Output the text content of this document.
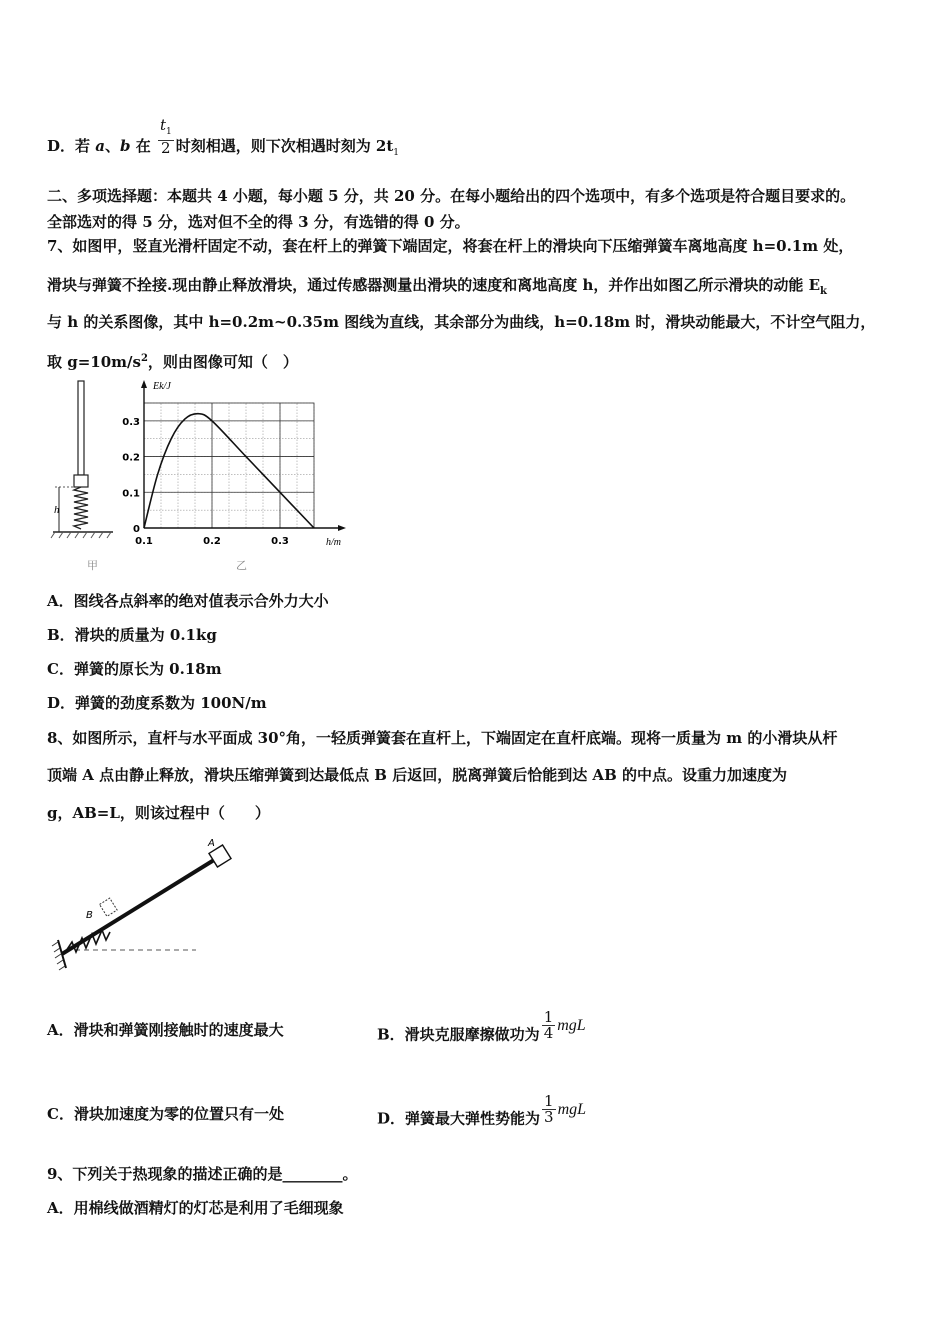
D．若 a、b 在 $\frac{t_1}{2}$ 时刻相遇，则下次相遇时刻为 $2t_1$
二、多项选择题：本题共 4 小题，每小题 5 分，共 20 分。在每小题给出的四个选项中，有多个选项是符合题目要求的。
全部选对的得 5 分，选对但不全的得 3 分，有选错的得 0 分。
7、如图甲，竖直光滑杆固定不动，套在杆上的弹簧下端固定，将套在杆上的滑块向下压缩弹簧车离地高度 h=0.1m 处，
滑块与弹簧不拴接.现由静止释放滑块，通过传感器测量出滑块的速度和离地高度 h，并作出如图乙所示滑块的动能 $E_k$
与 h 的关系图像，其中 h=0.2m~0.35m 图线为直线，其余部分为曲线，h=0.18m 时，滑块动能最大，不计空气阻力，
取 $g=10m/s^2$，则由图像可知（　）
h
甲
0.3
0.2
0.1
0
0.1	0.2	0.3
Ek/J
h/m
乙
A．图线各点斜率的绝对值表示合外力大小
B．滑块的质量为 0.1kg
C．弹簧的原长为 0.18m
D．弹簧的劲度系数为 100N/m
8、如图所示，直杆与水平面成 30°角，一轻质弹簧套在直杆上，下端固定在直杆底端。现将一质量为 m 的小滑块从杆
顶端 A 点由静止释放，滑块压缩弹簧到达最低点 B 后返回，脱离弹簧后恰能到达 AB 的中点。设重力加速度为
g，AB=L，则该过程中（　　）
A
B
A．滑块和弹簧刚接触时的速度最大	B．滑块克服摩擦做功为 $\frac{1}{4}$ mgL
C．滑块加速度为零的位置只有一处	D．弹簧最大弹性势能为 $\frac{1}{3}$ mgL
9、下列关于热现象的描述正确的是________。
A．用棉线做酒精灯的灯芯是利用了毛细现象
